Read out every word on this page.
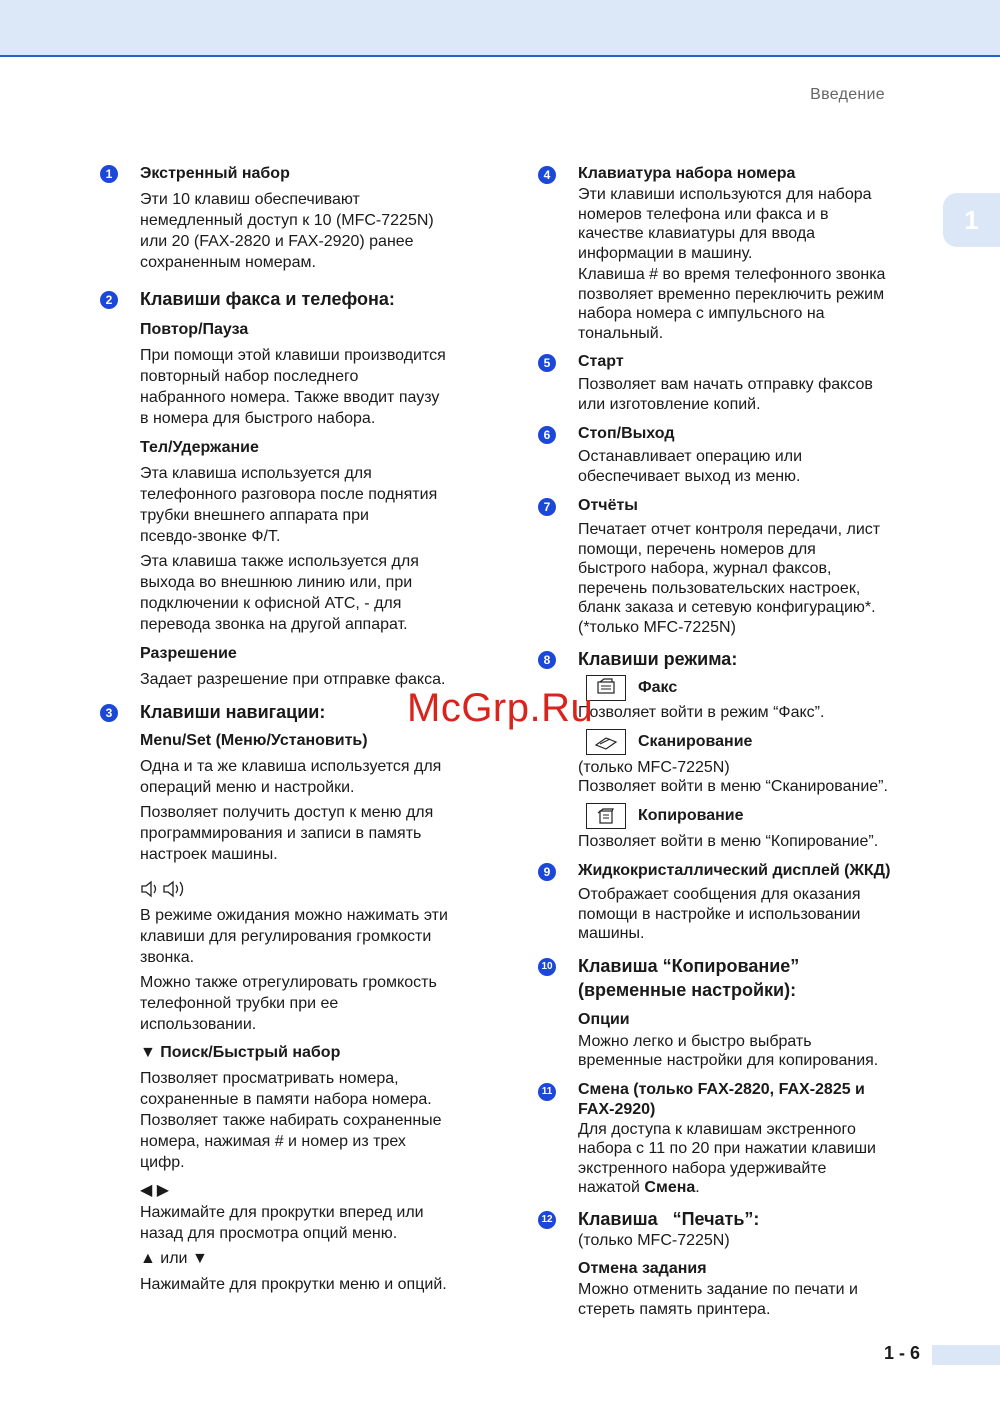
Введение
1
1	Экстренный набор

Эти 10 клавиш обеспечивают

немедленный доступ к 10 (MFC-7225N)

или 20 (FAX-2820 и FAX-2920) ранее

сохраненным номерам.

2	Клавиши факса и телефона:
Повтор/Пауза

При помощи этой клавиши производится

повторный набор последнего

набранного номера. Также вводит паузу

в номера для быстрого набора.

Тел/Удержание

Эта клавиша используется для

телефонного разговора после поднятия

трубки внешнего аппарата при

псевдо-звонке Ф/Т.

Эта клавиша также используется для

выхода во внешнюю линию или, при

подключении к офисной АТС, - для

перевода звонка на другой аппарат.

Разрешение

Задает разрешение при отправке факса.

3	Клавиши навигации:
Menu/Set (Меню/Установить)

Одна и та же клавиша используется для

операций меню и настройки.

Позволяет получить доступ к меню для

программирования и записи в память

настроек машины.

В режиме ожидания можно нажимать эти

клавиши для регулирования громкости

звонка.

Можно также отрегулировать громкость

телефонной трубки при ее

использовании.

▼ Поиск/Быстрый набор

Позволяет просматривать номера,

сохраненные в памяти набора номера.

Позволяет также набирать сохраненные

номера, нажимая # и номер из трех

цифр.

◀ ▶

Нажимайте для прокрутки вперед или

назад для просмотра опций меню.

▲ или ▼

Нажимайте для прокрутки меню и опций.

4	Клавиатура набора номера

Эти клавиши используются для набора

номеров телефона или факса и в

качестве клавиатуры для ввода

информации в машину.

Клавиша # во время телефонного звонка

позволяет временно переключить режим

набора номера с импульсного на

тональный.

5	Старт

Позволяет вам начать отправку факсов

или изготовление копий.

6	Стоп/Выход

Останавливает операцию или

обеспечивает выход из меню.

7	Отчёты

Печатает отчет контроля передачи, лист

помощи, перечень номеров для

быстрого набора, журнал факсов,

перечень пользовательских настроек,

бланк заказа и сетевую конфигурацию*.

(*только MFC-7225N)

8	Клавиши режима:
Факс

Позволяет войти в режим “Факс”.

Сканирование

(только MFC-7225N)

Позволяет войти в меню “Сканирование”.

Копирование

Позволяет войти в меню “Копирование”.

9	Жидкокристаллический дисплей (ЖКД)

Отображает сообщения для оказания

помощи в настройке и использовании

машины.

10 Клавиша “Копирование”
(временные настройки):
Опции

Можно легко и быстро выбрать

временные настройки для копирования.

11 Смена (только FAX-2820, FAX-2825 и
FAX-2920)

Для доступа к клавишам экстренного

набора с 11 по 20 при нажатии клавиши

экстренного набора удерживайте

нажатой Смена.

12 Клавиша   “Печать”:

(только MFC-7225N)

Отмена задания

Можно отменить задание по печати и

стереть память принтера.

McGrp.Ru
1 - 6
